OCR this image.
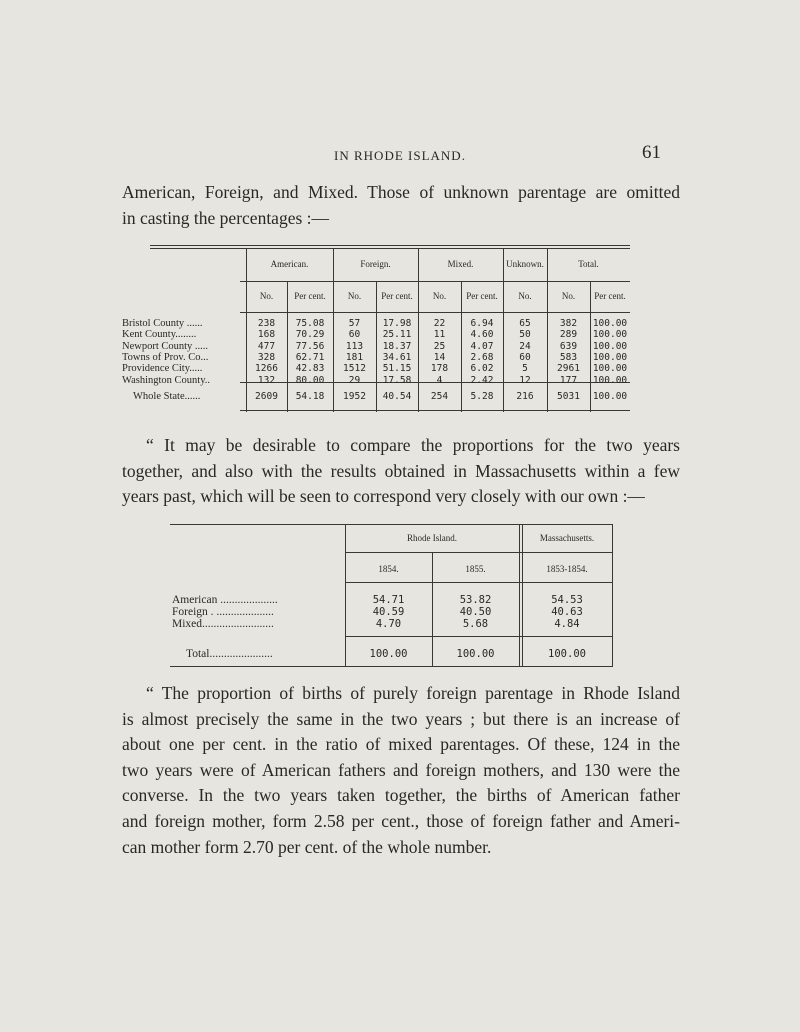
IN RHODE ISLAND.	61
American, Foreign, and Mixed. Those of unknown parentage are omitted
in casting the percentages :—
American.	Foreign.	Mixed.	Unknown.	Total.
No.	Per cent.	No.	Per cent.	No.	Per cent.	No.	No.	Per cent.
Bristol County ......	238	75.08	57	17.98	22	6.94	65	382	100.00
Kent County........	168	70.29	60	25.11	11	4.60	50	289	100.00
Newport County .....	477	77.56	113	18.37	25	4.07	24	639	100.00
Towns of Prov. Co...	328	62.71	181	34.61	14	2.68	60	583	100.00
Providence City.....	1266	42.83	1512	51.15	178	6.02	5	2961	100.00
Washington County..	132	80.00	29	17.58	4	2.42	12	177	100.00
Whole State......	2609	54.18	1952	40.54	254	5.28	216	5031	100.00
“ It may be desirable to compare the proportions for the two years
together, and also with the results obtained in Massachusetts within a few
years past, which will be seen to correspond very closely with our own :—
Rhode Island.	Massachusetts.
1854.	1855.	1853-1854.
American ....................	54.71	53.82	54.53
Foreign . ....................	40.59	40.50	40.63
Mixed.........................	4.70	5.68	4.84
Total......................	100.00	100.00	100.00
“ The proportion of births of purely foreign parentage in Rhode Island
is almost precisely the same in the two years ; but there is an increase of
about one per cent. in the ratio of mixed parentages. Of these, 124 in the
two years were of American fathers and foreign mothers, and 130 were the
converse. In the two years taken together, the births of American father
and foreign mother, form 2.58 per cent., those of foreign father and Ameri-
can mother form 2.70 per cent. of the whole number.
